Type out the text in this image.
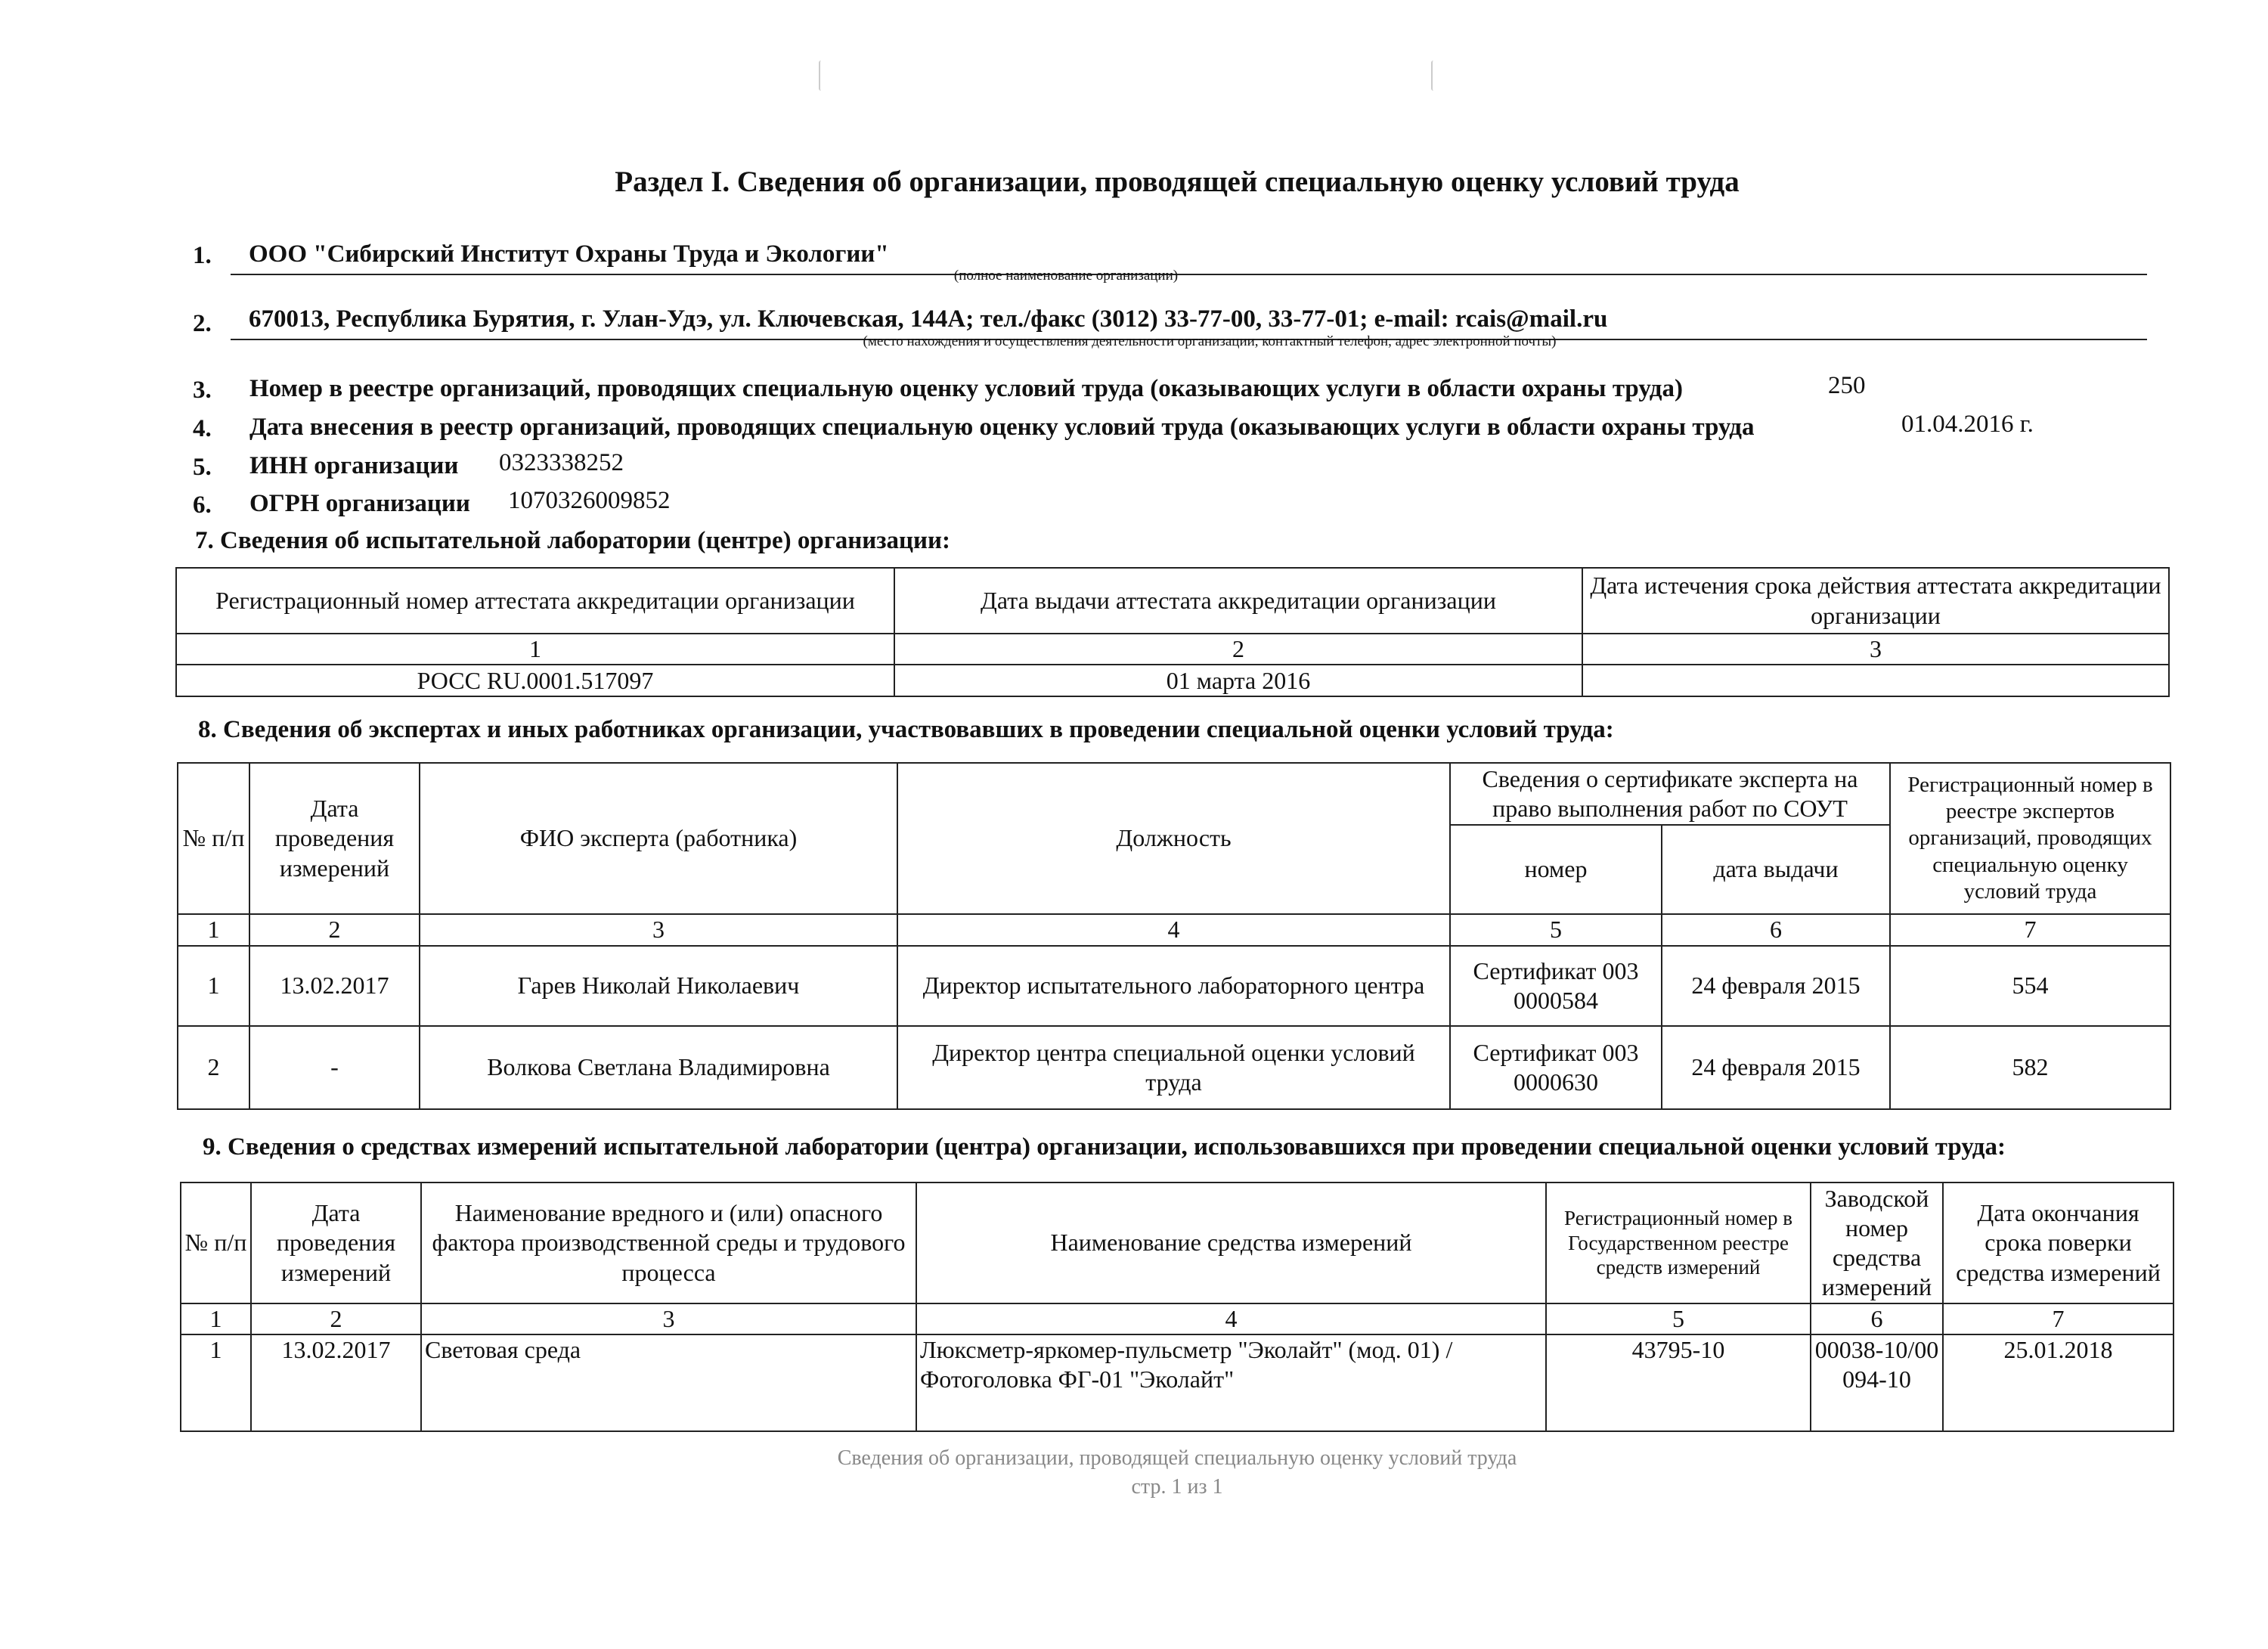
Раздел I. Сведения об организации, проводящей специальную оценку условий труда
1.	ООО "Сибирский Институт Охраны Труда и Экологии"
(полное наименование организации)
2.	670013, Республика Бурятия, г. Улан-Удэ, ул. Ключевская, 144А; тел./факс (3012) 33-77-00, 33-77-01; e-mail: rcais@mail.ru
(место нахождения и осуществления деятельности организации, контактный телефон, адрес электронной почты)
3. Номер в реестре организаций, проводящих специальную оценку условий труда (оказывающих услуги в области охраны труда)	250
4. Дата внесения в реестр организаций, проводящих специальную оценку условий труда (оказывающих услуги в области охраны труда	01.04.2016 г.
5. ИНН организации 0323338252
6. ОГРН организации 1070326009852
7. Сведения об испытательной лаборатории (центре) организации:
Регистрационный номер аттестата аккредитации организации	Дата выдачи аттестата аккредитации организации	Дата истечения срока действия аттестата аккредитации организации
1	2	3
РОСС RU.0001.517097	01 марта 2016	
8. Сведения об экспертах и иных работниках организации, участвовавших в проведении специальной оценки условий труда:
№ п/п	Дата проведения измерений	ФИО эксперта (работника)	Должность	Сведения о сертификате эксперта на право выполнения работ по СОУТ		Регистрационный номер в реестре экспертов организаций, проводящих специальную оценку условий труда
				номер	дата выдачи	
1	2	3	4	5	6	7
1	13.02.2017	Гарев Николай Николаевич	Директор испытательного лабораторного центра	Сертификат 003 0000584	24 февраля 2015	554
2	-	Волкова Светлана Владимировна	Директор центра специальной оценки условий труда	Сертификат 003 0000630	24 февраля 2015	582
9. Сведения о средствах измерений испытательной лаборатории (центра) организации, использовавшихся при проведении специальной оценки условий труда:
№ п/п	Дата проведения измерений	Наименование вредного и (или) опасного фактора производственной среды и трудового процесса	Наименование средства измерений	Регистрационный номер в Государственном реестре средств измерений	Заводской номер средства измерений	Дата окончания срока поверки средства измерений
1	2	3	4	5	6	7
1	13.02.2017	Световая среда	Люксметр-яркомер-пульсметр "Эколайт" (мод. 01) / Фотоголовка ФГ-01 "Эколайт"	43795-10	00038-10/00094-10	25.01.2018
Сведения об организации, проводящей специальную оценку условий труда
стр. 1 из 1
